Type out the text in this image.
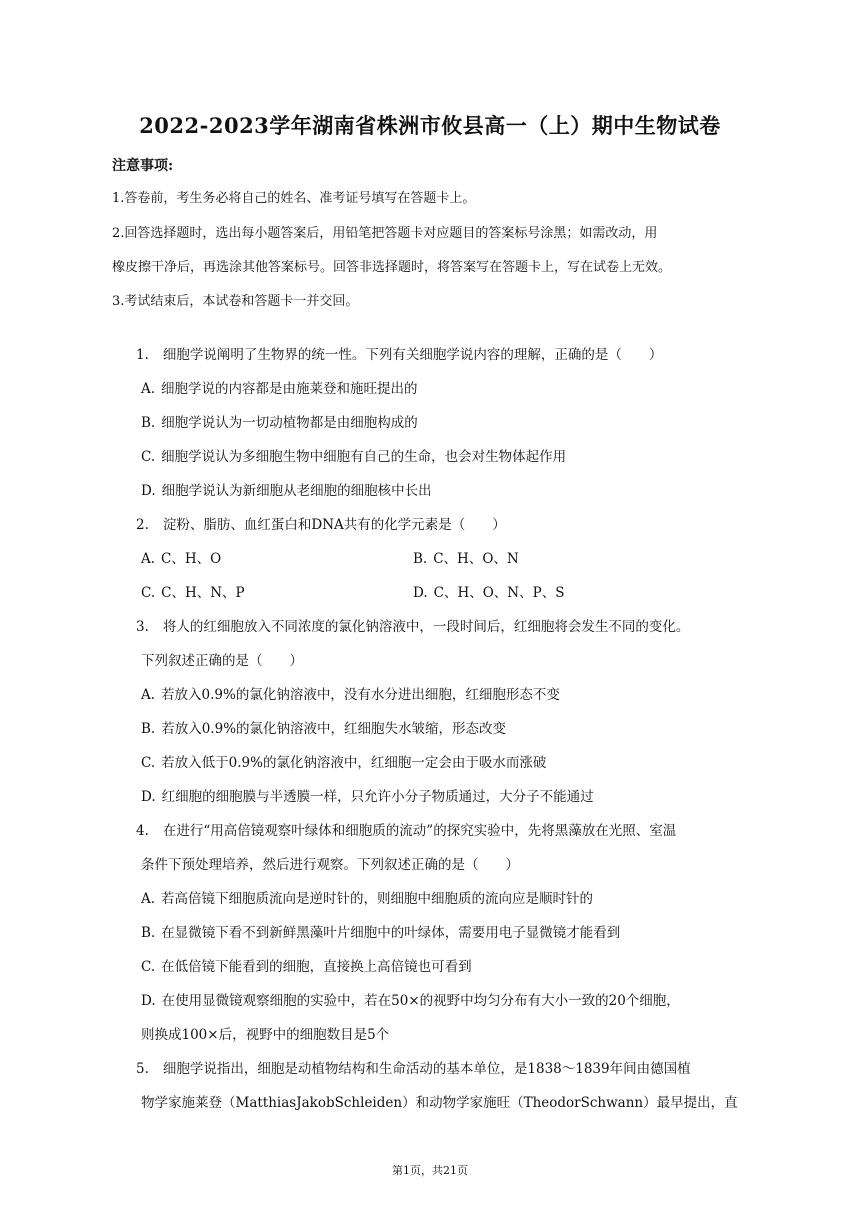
2022-2023学年湖南省株洲市攸县高一（上）期中生物试卷
注意事项:
1.答卷前，考生务必将自己的姓名、准考证号填写在答题卡上。
2.回答选择题时，选出每小题答案后，用铅笔把答题卡对应题目的答案标号涂黑；如需改动，用
橡皮擦干净后，再选涂其他答案标号。回答非选择题时，将答案写在答题卡上，写在试卷上无效。
3.考试结束后，本试卷和答题卡一并交回。
1. 细胞学说阐明了生物界的统一性。下列有关细胞学说内容的理解，正确的是（　　）
A. 细胞学说的内容都是由施莱登和施旺提出的
B. 细胞学说认为一切动植物都是由细胞构成的
C. 细胞学说认为多细胞生物中细胞有自己的生命，也会对生物体起作用
D. 细胞学说认为新细胞从老细胞的细胞核中长出
2. 淀粉、脂肪、血红蛋白和DNA共有的化学元素是（　　）
A. C、H、O	B. C、H、O、N
C. C、H、N、P	D. C、H、O、N、P、S
3. 将人的红细胞放入不同浓度的氯化钠溶液中，一段时间后，红细胞将会发生不同的变化。
下列叙述正确的是（　　）
A. 若放入0.9%的氯化钠溶液中，没有水分进出细胞，红细胞形态不变
B. 若放入0.9%的氯化钠溶液中，红细胞失水皱缩，形态改变
C. 若放入低于0.9%的氯化钠溶液中，红细胞一定会由于吸水而涨破
D. 红细胞的细胞膜与半透膜一样，只允许小分子物质通过，大分子不能通过
4. 在进行“用高倍镜观察叶绿体和细胞质的流动”的探究实验中，先将黑藻放在光照、室温
条件下预处理培养，然后进行观察。下列叙述正确的是（　　）
A. 若高倍镜下细胞质流向是逆时针的，则细胞中细胞质的流向应是顺时针的
B. 在显微镜下看不到新鲜黑藻叶片细胞中的叶绿体，需要用电子显微镜才能看到
C. 在低倍镜下能看到的细胞，直接换上高倍镜也可看到
D. 在使用显微镜观察细胞的实验中，若在50×的视野中均匀分布有大小一致的20个细胞，
则换成100×后，视野中的细胞数目是5个
5. 细胞学说指出，细胞是动植物结构和生命活动的基本单位，是1838～1839年间由德国植
物学家施莱登（MatthiasJakobSchleiden）和动物学家施旺（TheodorSchwann）最早提出，直
第1页，共21页
